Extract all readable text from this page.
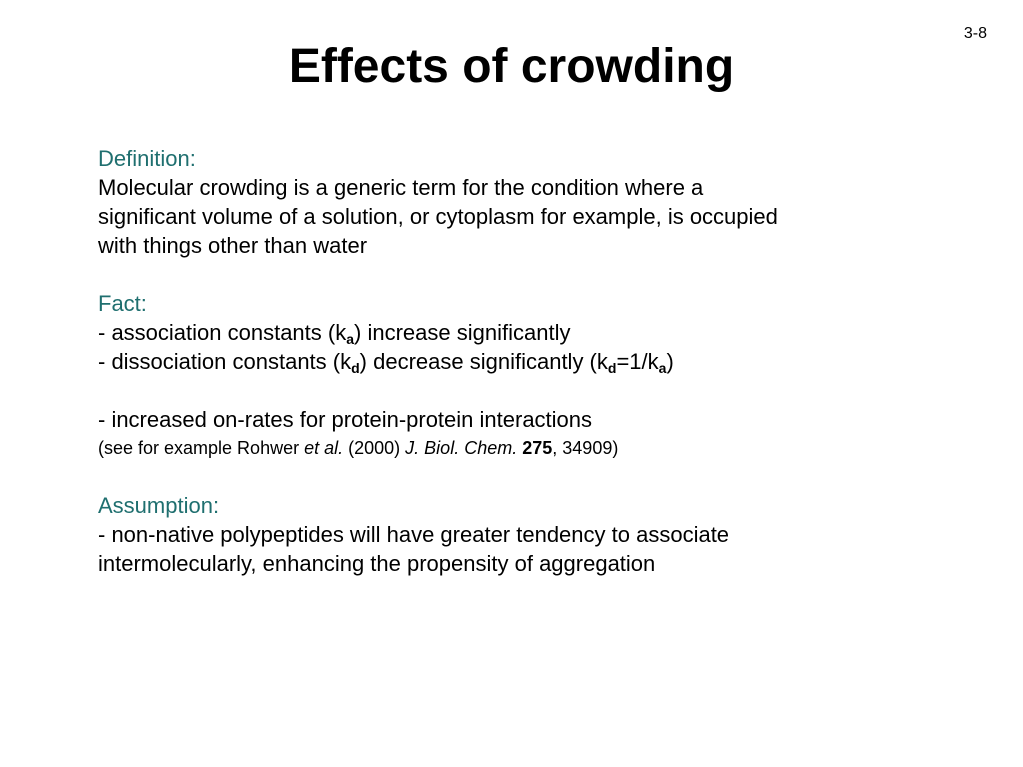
3-8
Effects of crowding
Definition:
Molecular crowding is a generic term for the condition where a
significant volume of a solution, or cytoplasm for example, is occupied
with things other than water
Fact:
- association constants $(k_a)$ increase significantly
- dissociation constants $(k_d)$ decrease significantly $(k_d=1/k_a)$
- increased on-rates for protein-protein interactions
(see for example Rohwer et al. (2000) J. Biol. Chem. 275, 34909)
Assumption:
- non-native polypeptides will have greater tendency to associate
intermolecularly, enhancing the propensity of aggregation
